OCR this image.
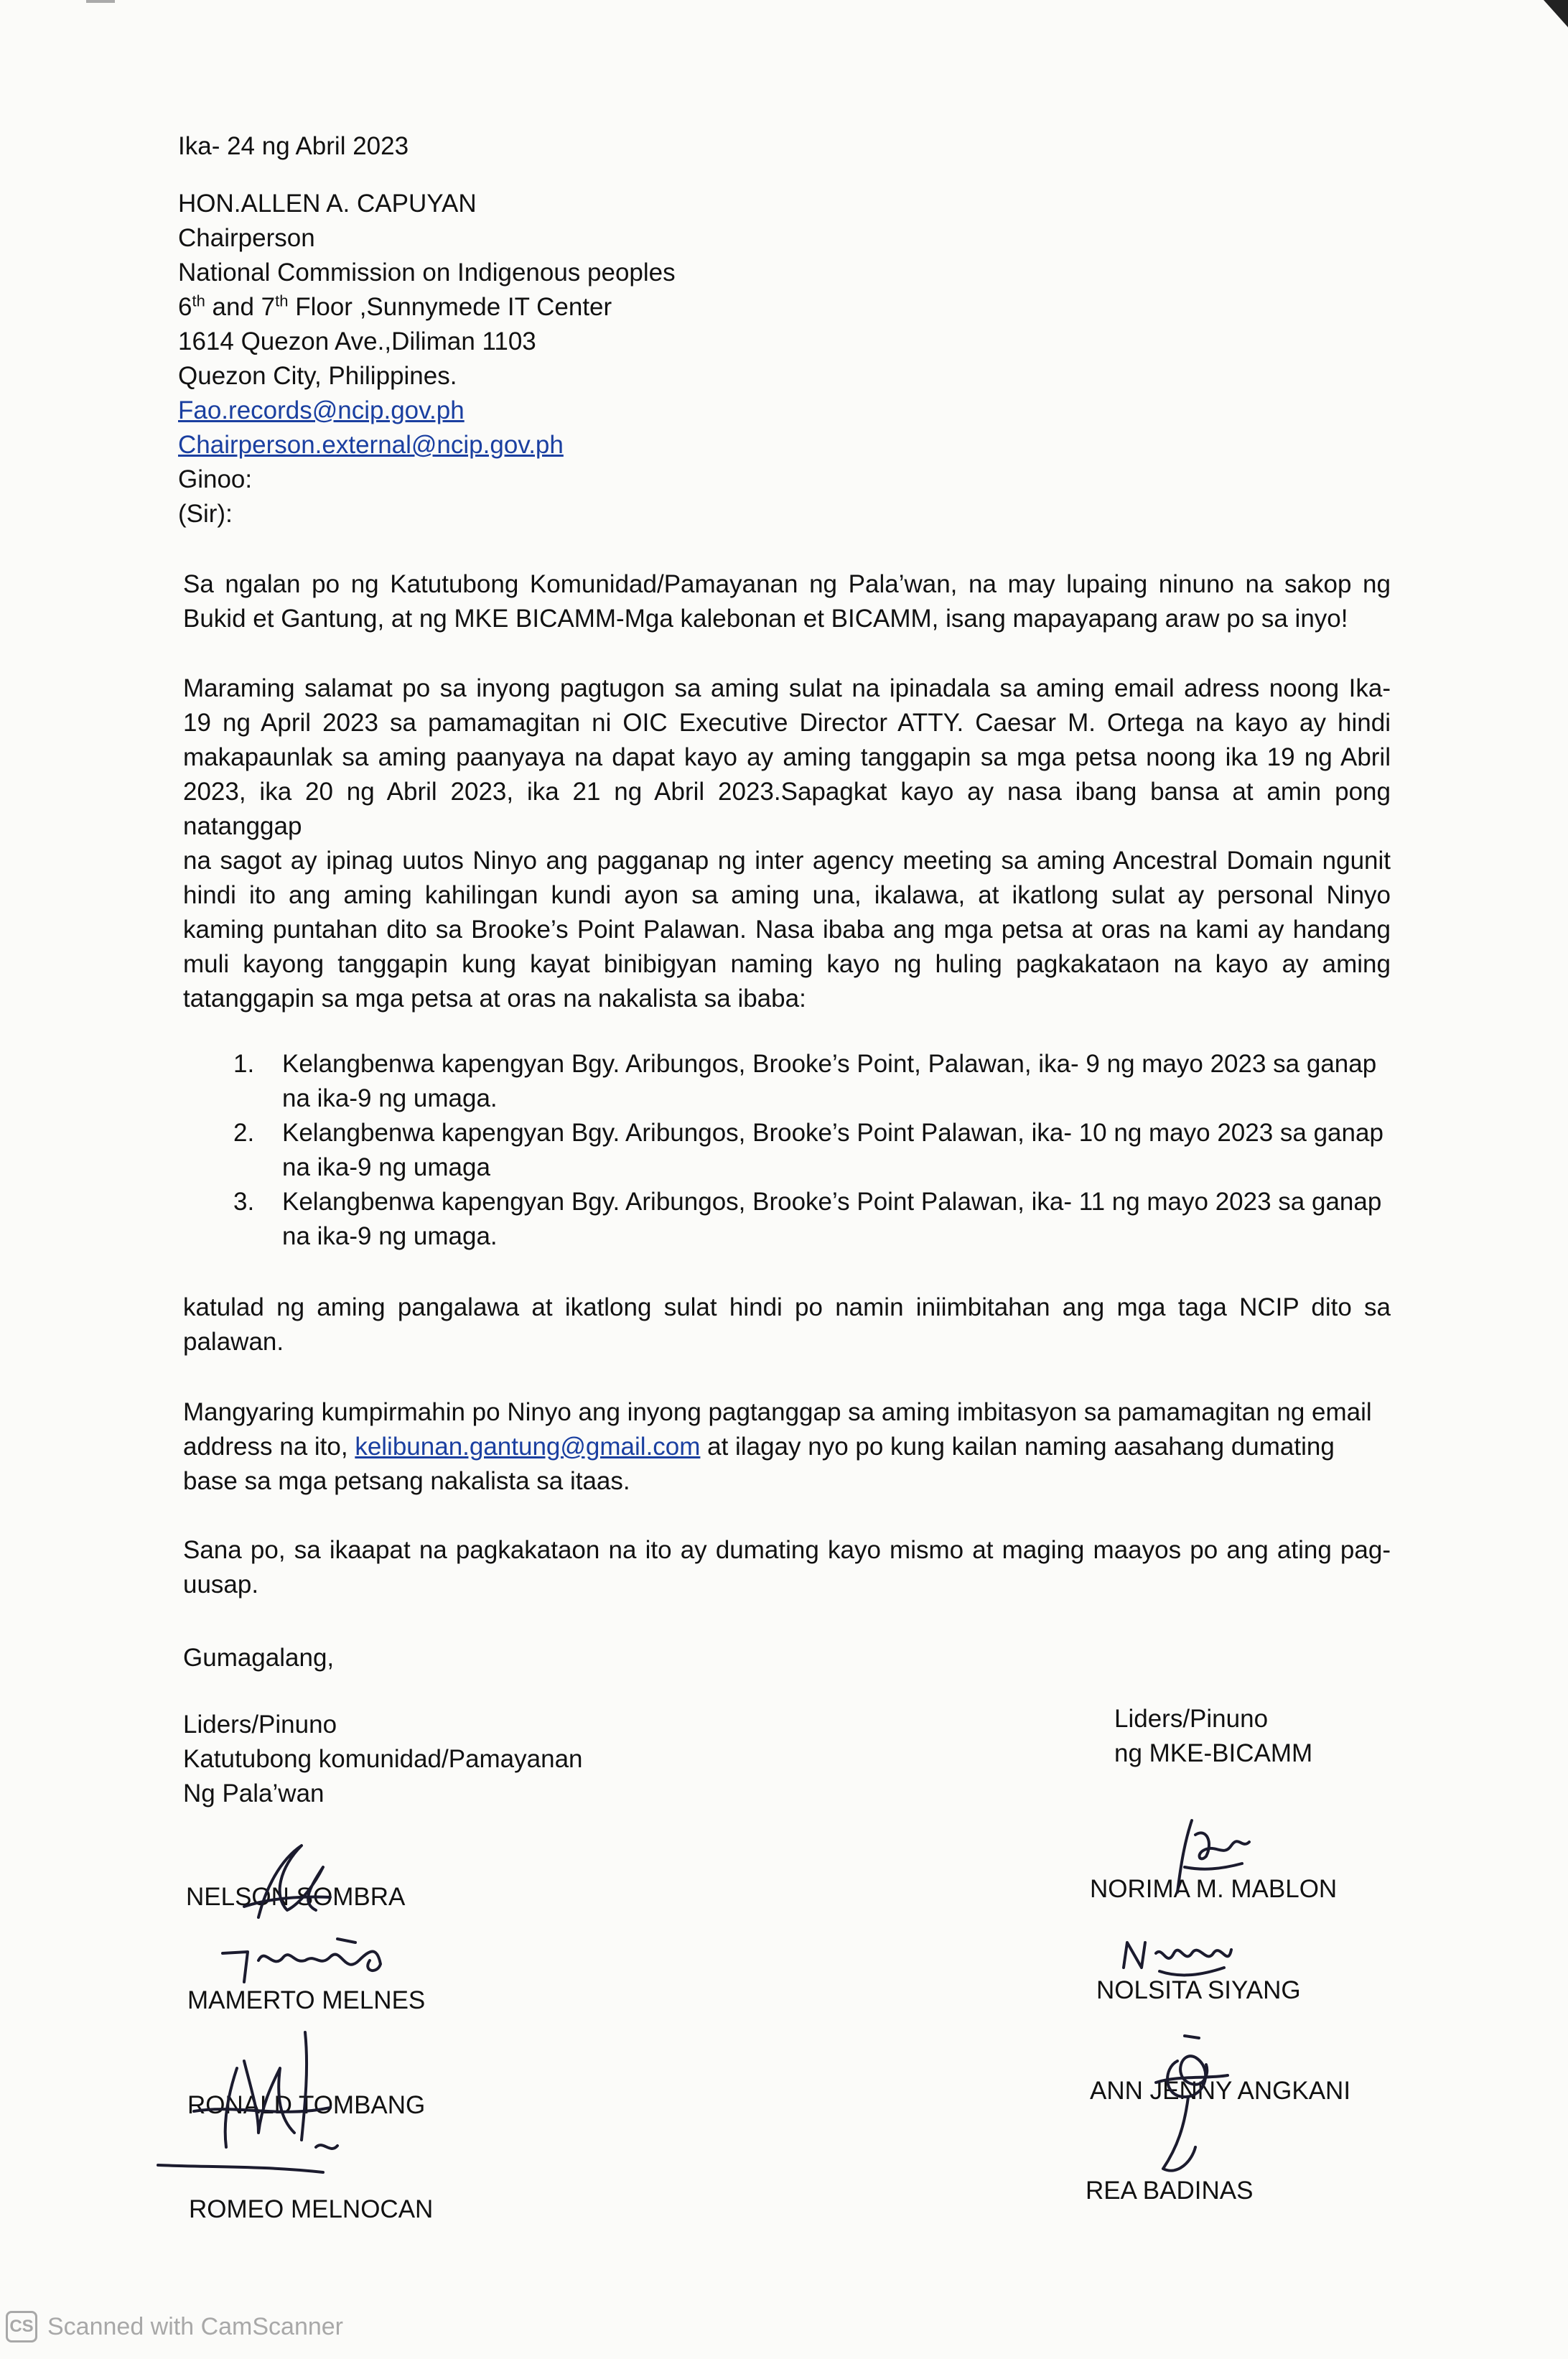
Ika- 24 ng Abril 2023

HON.ALLEN A. CAPUYAN
Chairperson
National Commission on Indigenous peoples
6th and 7th Floor ,Sunnymede IT Center
1614 Quezon Ave.,Diliman 1103
Quezon City, Philippines.
Fao.records@ncip.gov.ph
Chairperson.external@ncip.gov.ph
Ginoo:
(Sir):
Sa ngalan po ng Katutubong Komunidad/Pamayanan ng Pala’wan, na may lupaing ninuno na sakop ng
Bukid et Gantung, at ng MKE BICAMM-Mga kalebonan et BICAMM, isang mapayapang araw po sa inyo!
Maraming salamat po sa inyong pagtugon sa aming sulat na ipinadala sa aming email adress noong Ika-
19 ng April 2023 sa pamamagitan ni OIC Executive Director ATTY. Caesar M. Ortega na kayo ay hindi
makapaunlak sa aming paanyaya na dapat kayo ay aming tanggapin sa mga petsa noong ika 19 ng Abril
2023, ika 20 ng Abril 2023, ika 21 ng Abril 2023.Sapagkat kayo ay nasa ibang bansa at amin pong natanggap
na sagot ay ipinag uutos Ninyo ang pagganap ng inter agency meeting sa aming Ancestral Domain ngunit
hindi ito ang aming kahilingan kundi ayon sa aming una, ikalawa, at ikatlong sulat ay personal Ninyo
kaming puntahan dito sa Brooke’s Point Palawan. Nasa ibaba ang mga petsa at oras na kami ay handang
muli kayong tanggapin kung kayat binibigyan naming kayo ng huling pagkakataon na kayo ay aming
tatanggapin sa mga petsa at oras na nakalista sa ibaba:
1. Kelangbenwa kapengyan Bgy. Aribungos, Brooke’s Point, Palawan, ika- 9 ng mayo 2023 sa ganap
na ika-9 ng umaga.
2. Kelangbenwa kapengyan Bgy. Aribungos, Brooke’s Point Palawan, ika- 10 ng mayo 2023 sa ganap
na ika-9 ng umaga
3. Kelangbenwa kapengyan Bgy. Aribungos, Brooke’s Point Palawan, ika- 11 ng mayo 2023 sa ganap
na ika-9 ng umaga.
katulad ng aming pangalawa at ikatlong sulat hindi po namin iniimbitahan ang mga taga NCIP dito sa
palawan.
Mangyaring kumpirmahin po Ninyo ang inyong pagtanggap sa aming imbitasyon sa pamamagitan ng email
address na ito, kelibunan.gantung@gmail.com at ilagay nyo po kung kailan naming aasahang dumating
base sa mga petsang nakalista sa itaas.
Sana po, sa ikaapat na pagkakataon na ito ay dumating kayo mismo at maging maayos po ang ating pag-
uusap.

Gumagalang,

Liders/Pinuno
Katutubong komunidad/Pamayanan
Ng Pala’wan
Liders/Pinuno
ng MKE-BICAMM
NELSON SOMBRA
MAMERTO MELNES
RONALD TOMBANG
ROMEO MELNOCAN
NORIMA M. MABLON
NOLSITA SIYANG
ANN JENNY ANGKANI
REA BADINAS
CS Scanned with CamScanner
